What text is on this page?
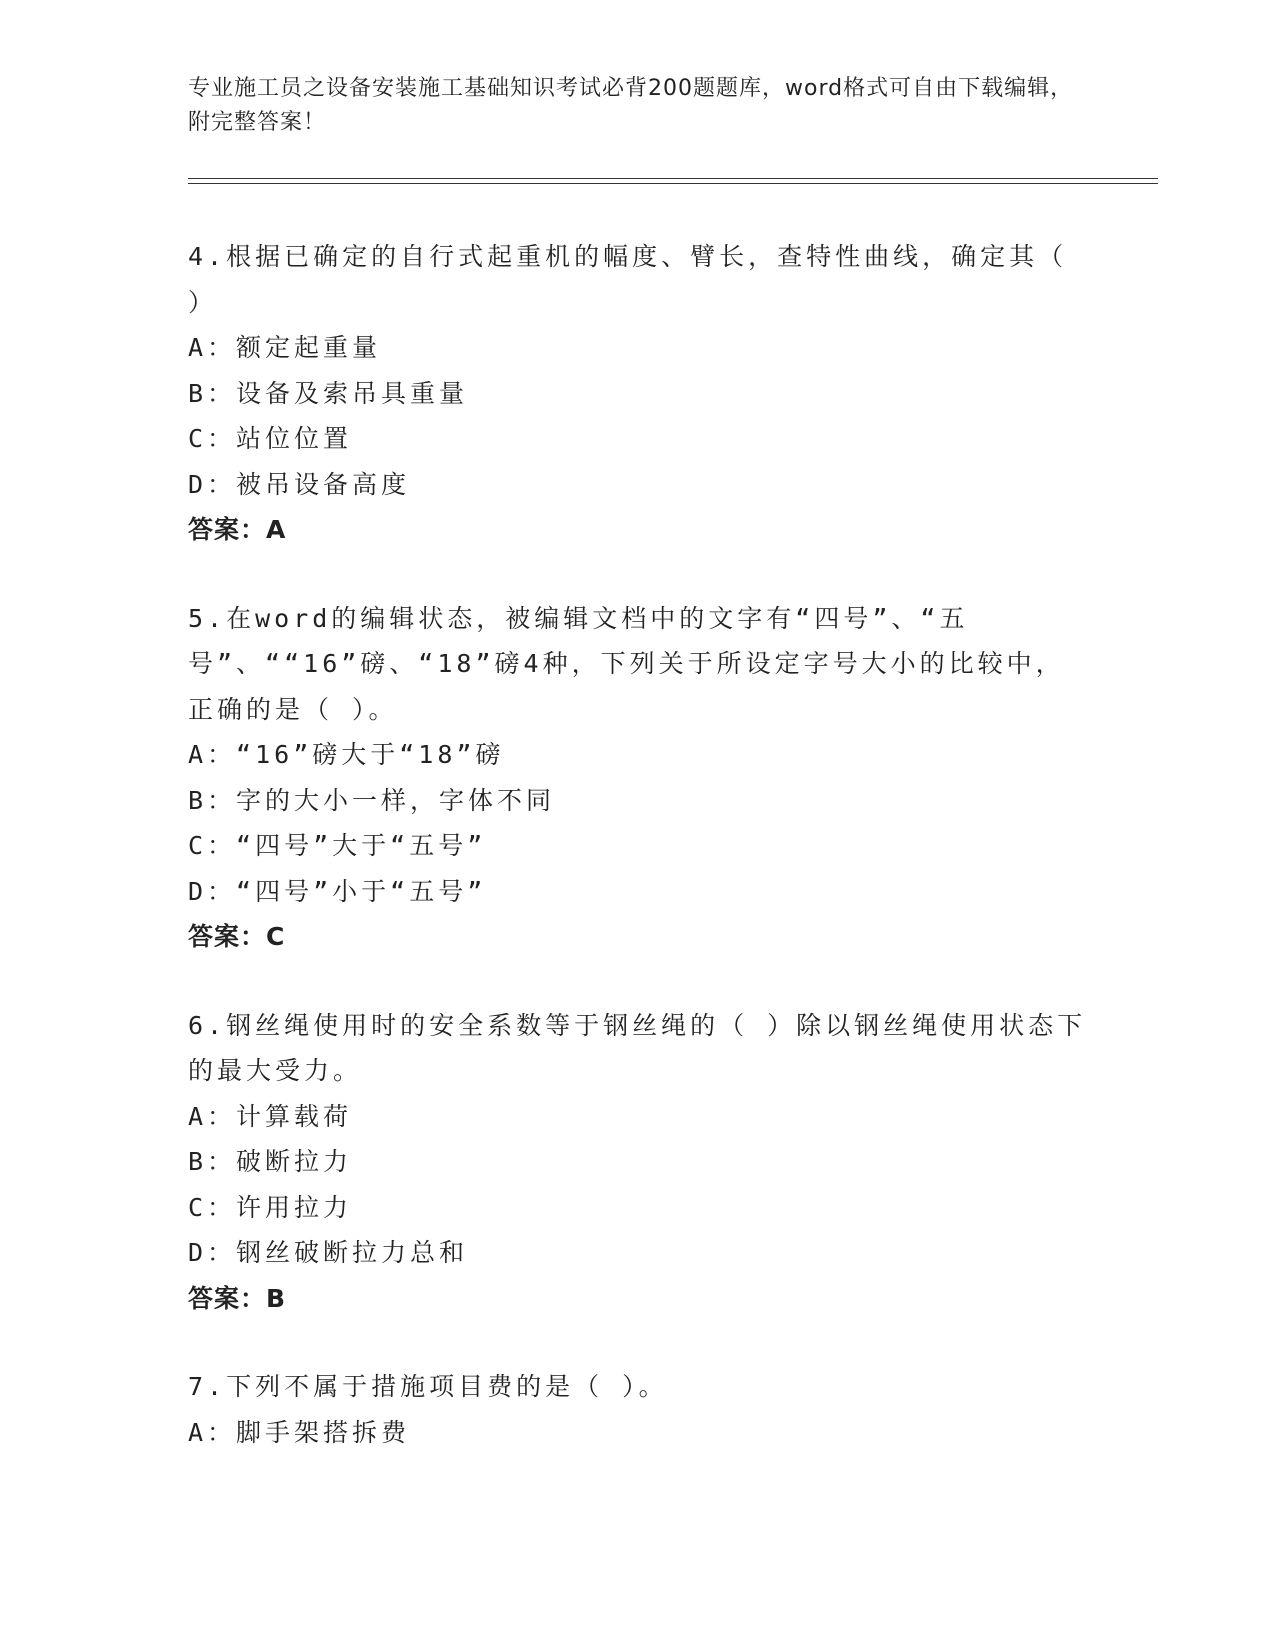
专业施工员之设备安装施工基础知识考试必背200题题库，word格式可自由下载编辑，附完整答案！

4.根据已确定的自行式起重机的幅度、臂长，查特性曲线，确定其（ ）

A：额定起重量

B：设备及索吊具重量

C：站位位置

D：被吊设备高度

答案：A

5.在word的编辑状态，被编辑文档中的文字有“四号”、“五号”、““16”磅、“18”磅4种，下列关于所设定字号大小的比较中，正确的是（ ）。

A：“16”磅大于“18”磅

B：字的大小一样，字体不同

C：“四号”大于“五号”

D：“四号”小于“五号”

答案：C

6.钢丝绳使用时的安全系数等于钢丝绳的（ ）除以钢丝绳使用状态下的最大受力。

A：计算载荷

B：破断拉力

C：许用拉力

D：钢丝破断拉力总和

答案：B

7.下列不属于措施项目费的是（ ）。

A：脚手架搭拆费
